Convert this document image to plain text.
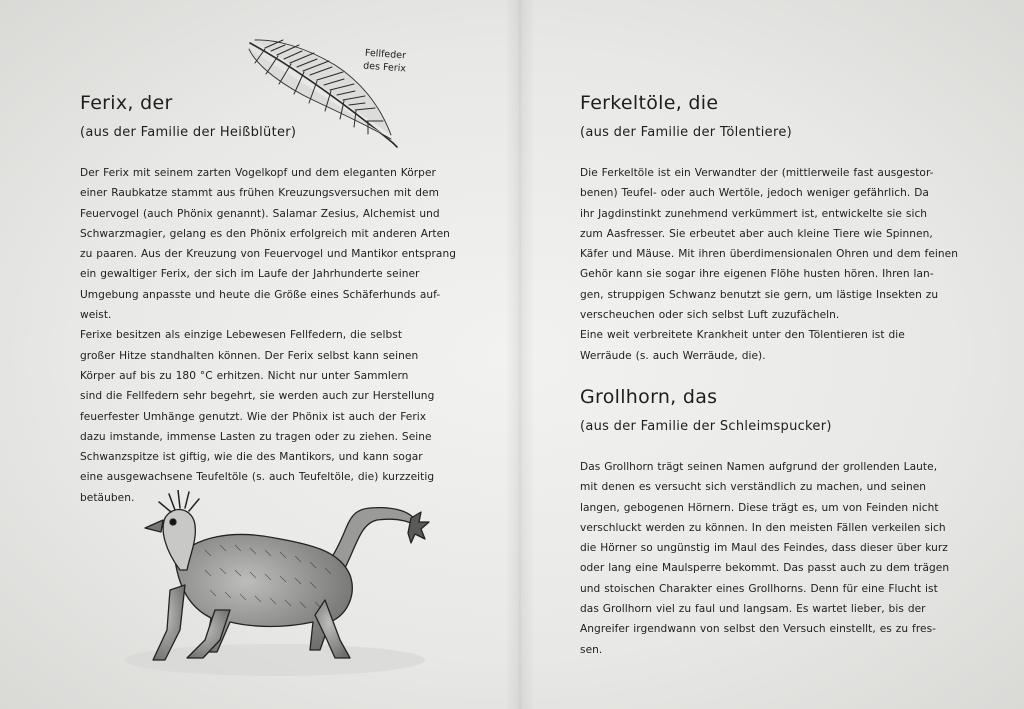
Fellfeder
des Ferix
Ferix, der
(aus der Familie der Heißblüter)

Der Ferix mit seinem zarten Vogelkopf und dem eleganten Körper

einer Raubkatze stammt aus frühen Kreuzungsversuchen mit dem

Feuervogel (auch Phönix genannt). Salamar Zesius, Alchemist und

Schwarzmagier, gelang es den Phönix erfolgreich mit anderen Arten

zu paaren. Aus der Kreuzung von Feuervogel und Mantikor entsprang

ein gewaltiger Ferix, der sich im Laufe der Jahrhunderte seiner

Umgebung anpasste und heute die Größe eines Schäferhunds auf-

weist.

Ferixe besitzen als einzige Lebewesen Fellfedern, die selbst

großer Hitze standhalten können. Der Ferix selbst kann seinen

Körper auf bis zu 180 °C erhitzen. Nicht nur unter Sammlern

sind die Fellfedern sehr begehrt, sie werden auch zur Herstellung

feuerfester Umhänge genutzt. Wie der Phönix ist auch der Ferix

dazu imstande, immense Lasten zu tragen oder zu ziehen. Seine

Schwanzspitze ist giftig, wie die des Mantikors, und kann sogar

eine ausgewachsene Teufeltöle (s. auch Teufeltöle, die) kurzzeitig

betäuben.

Ferkeltöle, die
(aus der Familie der Tölentiere)

Die Ferkeltöle ist ein Verwandter der (mittlerweile fast ausgestor-

benen) Teufel- oder auch Wertöle, jedoch weniger gefährlich. Da

ihr Jagdinstinkt zunehmend verkümmert ist, entwickelte sie sich

zum Aasfresser. Sie erbeutet aber auch kleine Tiere wie Spinnen,

Käfer und Mäuse. Mit ihren überdimensionalen Ohren und dem feinen

Gehör kann sie sogar ihre eigenen Flöhe husten hören. Ihren lan-

gen, struppigen Schwanz benutzt sie gern, um lästige Insekten zu

verscheuchen oder sich selbst Luft zuzufächeln.

Eine weit verbreitete Krankheit unter den Tölentieren ist die

Werräude (s. auch Werräude, die).

Grollhorn, das
(aus der Familie der Schleimspucker)

Das Grollhorn trägt seinen Namen aufgrund der grollenden Laute,

mit denen es versucht sich verständlich zu machen, und seinen

langen, gebogenen Hörnern. Diese trägt es, um von Feinden nicht

verschluckt werden zu können. In den meisten Fällen verkeilen sich

die Hörner so ungünstig im Maul des Feindes, dass dieser über kurz

oder lang eine Maulsperre bekommt. Das passt auch zu dem trägen

und stoischen Charakter eines Grollhorns. Denn für eine Flucht ist

das Grollhorn viel zu faul und langsam. Es wartet lieber, bis der

Angreifer irgendwann von selbst den Versuch einstellt, es zu fres-

sen.
